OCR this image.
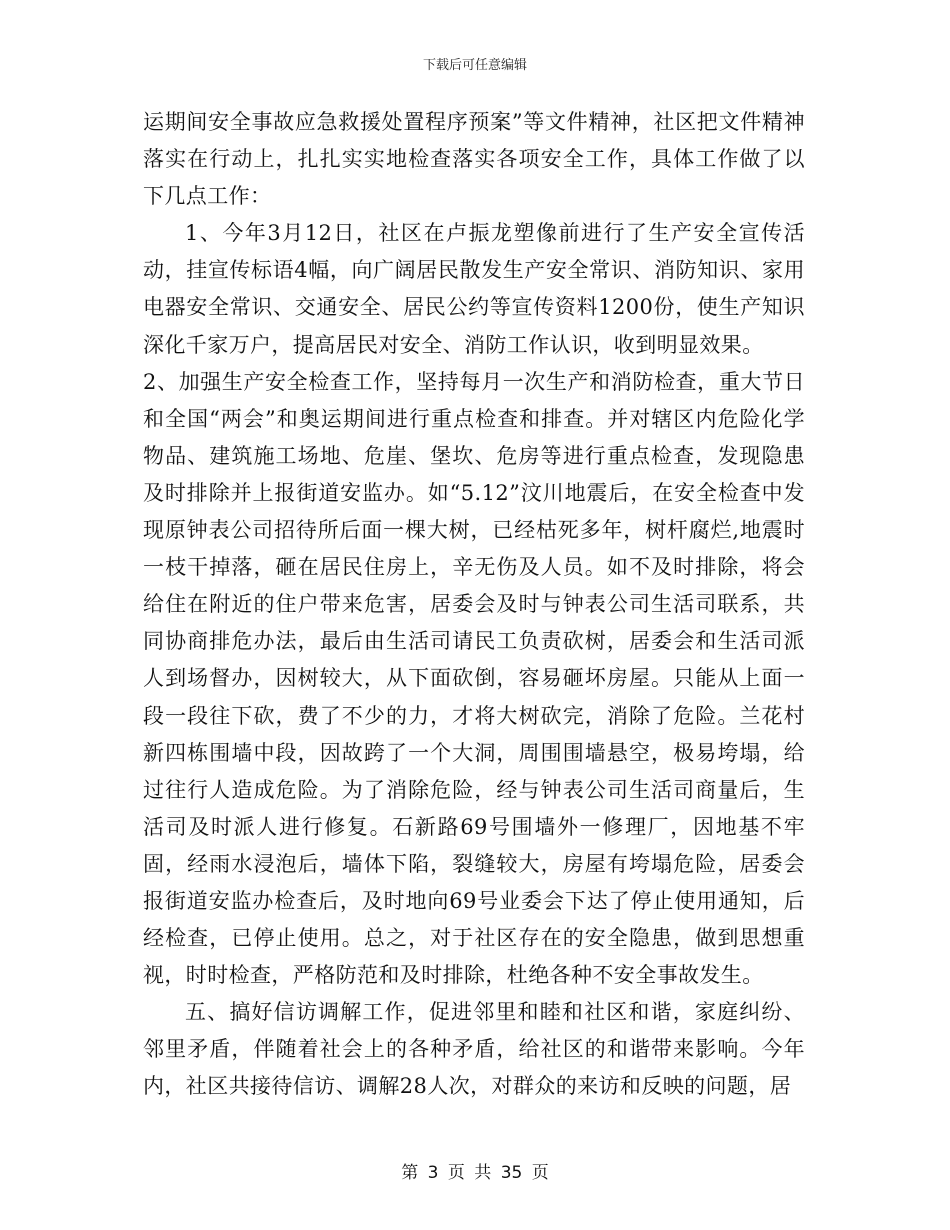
下载后可任意编辑

运期间安全事故应急救援处置程序预案”等文件精神，社区把文件精神落实在行动上，扎扎实实地检查落实各项安全工作，具体工作做了以下几点工作：

1、今年3月12日，社区在卢振龙塑像前进行了生产安全宣传活动，挂宣传标语4幅，向广阔居民散发生产安全常识、消防知识、家用电器安全常识、交通安全、居民公约等宣传资料1200份，使生产知识深化千家万户，提高居民对安全、消防工作认识，收到明显效果。

2、加强生产安全检查工作，坚持每月一次生产和消防检查，重大节日和全国“两会”和奥运期间进行重点检查和排查。并对辖区内危险化学物品、建筑施工场地、危崖、堡坎、危房等进行重点检查，发现隐患及时排除并上报街道安监办。如“5.12”汶川地震后，在安全检查中发现原钟表公司招待所后面一棵大树，已经枯死多年，树杆腐烂,地震时一枝干掉落，砸在居民住房上，辛无伤及人员。如不及时排除，将会给住在附近的住户带来危害，居委会及时与钟表公司生活司联系，共同协商排危办法，最后由生活司请民工负责砍树，居委会和生活司派人到场督办，因树较大，从下面砍倒，容易砸坏房屋。只能从上面一段一段往下砍，费了不少的力，才将大树砍完，消除了危险。兰花村新四栋围墙中段，因故跨了一个大洞，周围围墙悬空，极易垮塌，给过往行人造成危险。为了消除危险，经与钟表公司生活司商量后，生活司及时派人进行修复。石新路69号围墙外一修理厂，因地基不牢固，经雨水浸泡后，墙体下陷，裂缝较大，房屋有垮塌危险，居委会报街道安监办检查后，及时地向69号业委会下达了停止使用通知，后经检查，已停止使用。总之，对于社区存在的安全隐患，做到思想重视，时时检查，严格防范和及时排除，杜绝各种不安全事故发生。

五、搞好信访调解工作，促进邻里和睦和社区和谐，家庭纠纷、邻里矛盾，伴随着社会上的各种矛盾，给社区的和谐带来影响。今年内，社区共接待信访、调解28人次，对群众的来访和反映的问题，居

第 3 页 共 35 页
